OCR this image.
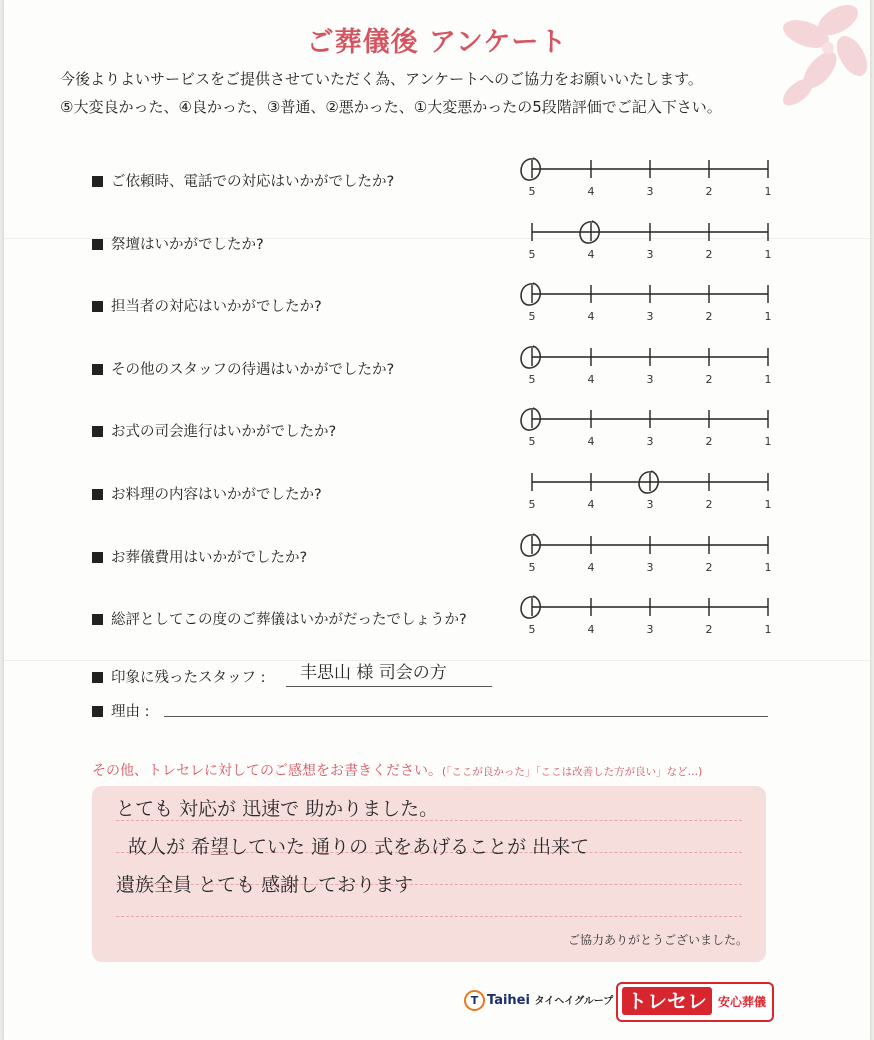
ご葬儀後 アンケート
今後よりよいサービスをご提供させていただく為、アンケートへのご協力をお願いいたします。
⑤大変良かった、④良かった、③普通、②悪かった、①大変悪かったの5段階評価でご記入下さい。
印象に残ったスタッフ : 丰思山 様 司会の方
理由 :
その他、トレセレに対してのご感想をお書きください。(「ここが良かった」「ここは改善した方が良い」など…)
とても 対応が 迅速で 助かりました。
故人が 希望していた 通りの 式をあげることが 出来て
遺族全員 とても 感謝しております
ご協力ありがとうございました。
T Taihei タイヘイグループ トレセレ 安心葬儀
ご依頼時、電話での対応はいかがでしたか?
5	4	3	2	1
祭壇はいかがでしたか?
5	4	3	2	1
担当者の対応はいかがでしたか?
5	4	3	2	1
その他のスタッフの待遇はいかがでしたか?
5	4	3	2	1
お式の司会進行はいかがでしたか?
5	4	3	2	1
お料理の内容はいかがでしたか?
5	4	3	2	1
お葬儀費用はいかがでしたか?
5	4	3	2	1
総評としてこの度のご葬儀はいかがだったでしょうか?
5	4	3	2	1
